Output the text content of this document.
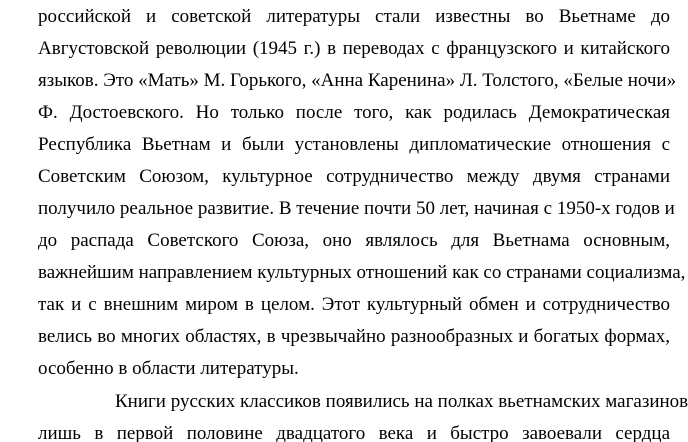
российской и советской литературы стали известны во Вьетнаме до
Августовской революции (1945 г.) в переводах с французского и китайского
языков. Это «Мать» М. Горького, «Анна Каренина» Л. Толстого, «Белые ночи»
Ф. Достоевского. Но только после того, как родилась Демократическая
Республика Вьетнам и были установлены дипломатические отношения с
Советским Союзом, культурное сотрудничество между двумя странами
получило реальное развитие. В течение почти 50 лет, начиная с 1950-х годов и
до распада Советского Союза, оно являлось для Вьетнама основным,
важнейшим направлением культурных отношений как со странами социализма,
так и с внешним миром в целом. Этот культурный обмен и сотрудничество
велись во многих областях, в чрезвычайно разнообразных и богатых формах,
особенно в области литературы.
Книги русских классиков появились на полках вьетнамских магазинов
лишь в первой половине двадцатого века и быстро завоевали сердца
